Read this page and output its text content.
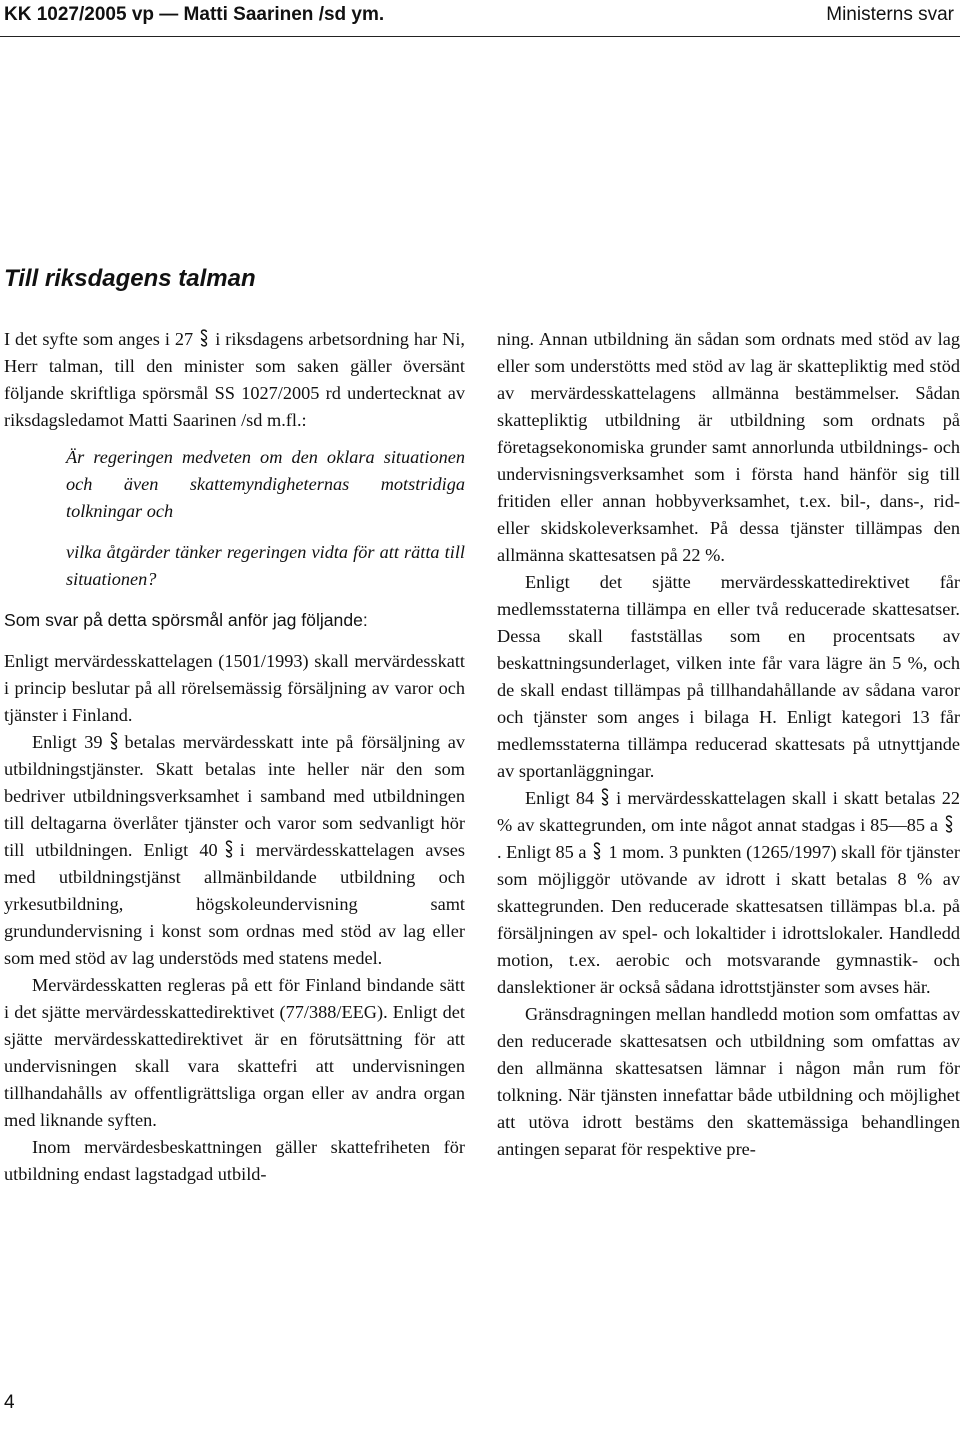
KK 1027/2005 vp — Matti Saarinen /sd ym.	Ministerns svar
Till riksdagens talman

I det syfte som anges i 27 i riksdagens arbetsordning har Ni, Herr talman, till den minister som saken gäller översänt följande skriftliga spörsmål SS 1027/2005 rd undertecknat av riksdagsledamot Matti Saarinen /sd m.fl.:

Är regeringen medveten om den oklara situationen och även skattemyndigheternas motstridiga tolkningar och

vilka åtgärder tänker regeringen vidta för att rätta till situationen?

Som svar på detta spörsmål anför jag följande:

Enligt mervärdesskattelagen (1501/1993) skall mervärdesskatt i princip beslutar på all rörelsemässig försäljning av varor och tjänster i Finland.

Enligt 39 betalas mervärdesskatt inte på försäljning av utbildningstjänster. Skatt betalas inte heller när den som bedriver utbildningsverksamhet i samband med utbildningen till deltagarna överlåter tjänster och varor som sedvanligt hör till utbildningen. Enligt 40 i mervärdesskattelagen avses med utbildningstjänst allmänbildande utbildning och yrkesutbildning, högskoleundervisning samt grundundervisning i konst som ordnas med stöd av lag eller som med stöd av lag understöds med statens medel.

Mervärdesskatten regleras på ett för Finland bindande sätt i det sjätte mervärdesskattedirektivet (77/388/EEG). Enligt det sjätte mervärdesskattedirektivet är en förutsättning för att undervisningen skall vara skattefri att undervisningen tillhandahålls av offentligrättsliga organ eller av andra organ med liknande syften.

Inom mervärdesbeskattningen gäller skattefriheten för utbildning endast lagstadgad utbild-

ning. Annan utbildning än sådan som ordnats med stöd av lag eller som understötts med stöd av lag är skattepliktig med stöd av mervärdesskattelagens allmänna bestämmelser. Sådan skattepliktig utbildning är utbildning som ordnats på företagsekonomiska grunder samt annorlunda utbildnings- och undervisningsverksamhet som i första hand hänför sig till fritiden eller annan hobbyverksamhet, t.ex. bil-, dans-, rid- eller skidskoleverksamhet. På dessa tjänster tillämpas den allmänna skattesatsen på 22 %.

Enligt det sjätte mervärdesskattedirektivet får medlemsstaterna tillämpa en eller två reducerade skattesatser. Dessa skall fastställas som en procentsats av beskattningsunderlaget, vilken inte får vara lägre än 5 %, och de skall endast tillämpas på tillhandahållande av sådana varor och tjänster som anges i bilaga H. Enligt kategori 13 får medlemsstaterna tillämpa reducerad skattesats på utnyttjande av sportanläggningar.

Enligt 84 i mervärdesskattelagen skall i skatt betalas 22 % av skattegrunden, om inte något annat stadgas i 85—85 a. Enligt 85 a 1 mom. 3 punkten (1265/1997) skall för tjänster som möjliggör utövande av idrott i skatt betalas 8 % av skattegrunden. Den reducerade skattesatsen tillämpas bl.a. på försäljningen av spel- och lokaltider i idrottslokaler. Handledd motion, t.ex. aerobic och motsvarande gymnastik- och danslektioner är också sådana idrottstjänster som avses här.

Gränsdragningen mellan handledd motion som omfattas av den reducerade skattesatsen och utbildning som omfattas av den allmänna skattesatsen lämnar i någon mån rum för tolkning. När tjänsten innefattar både utbildning och möjlighet att utöva idrott bestäms den skattemässiga behandlingen antingen separat för respektive pre-

4
